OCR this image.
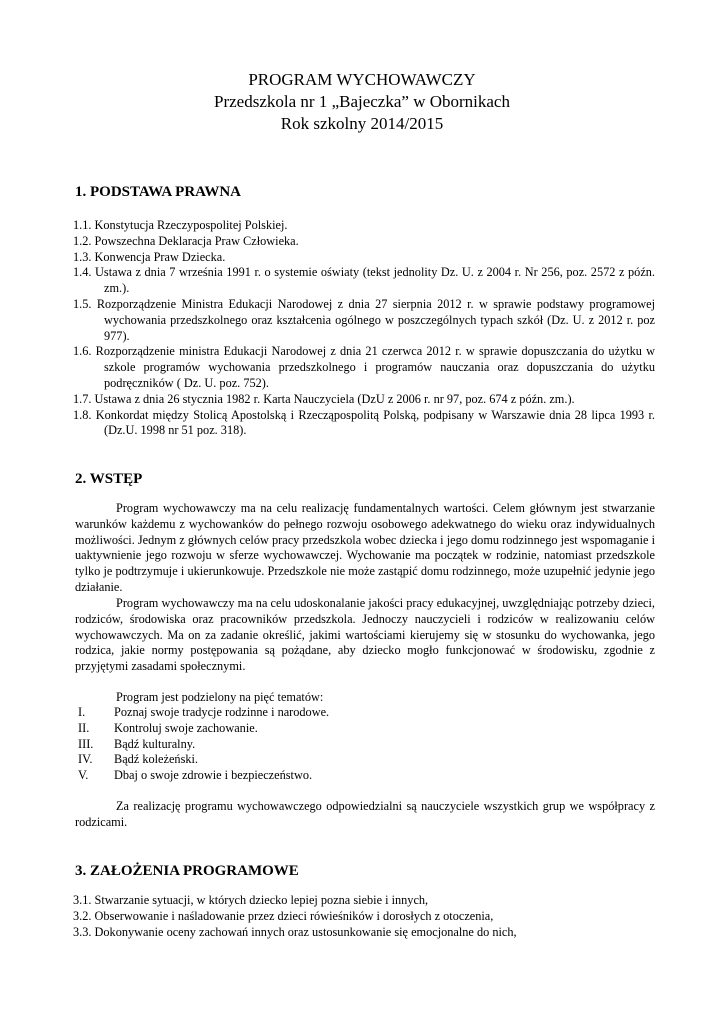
PROGRAM WYCHOWAWCZY
Przedszkola nr 1 „Bajeczka” w Obornikach
Rok szkolny 2014/2015
1. PODSTAWA PRAWNA
1.1. Konstytucja Rzeczypospolitej Polskiej.
1.2. Powszechna Deklaracja Praw Człowieka.
1.3. Konwencja Praw Dziecka.
1.4. Ustawa z dnia 7 września 1991 r. o systemie oświaty (tekst jednolity Dz. U. z 2004 r. Nr 256, poz. 2572 z późn. zm.).
1.5. Rozporządzenie Ministra Edukacji Narodowej z dnia 27 sierpnia 2012 r. w sprawie podstawy programowej wychowania przedszkolnego oraz kształcenia ogólnego w poszczególnych typach szkół (Dz. U. z 2012 r. poz 977).
1.6. Rozporządzenie ministra Edukacji Narodowej z dnia 21 czerwca 2012 r. w sprawie dopuszczania do użytku w szkole programów wychowania przedszkolnego i programów nauczania oraz dopuszczania do użytku podręczników ( Dz. U. poz. 752).
1.7. Ustawa z dnia 26 stycznia 1982 r. Karta Nauczyciela (DzU z 2006 r. nr 97, poz. 674 z późn. zm.).
1.8. Konkordat między Stolicą Apostolską i Rzecząpospolitą Polską, podpisany w Warszawie dnia 28 lipca 1993 r. (Dz.U. 1998 nr 51 poz. 318).
2. WSTĘP

Program wychowawczy ma na celu realizację fundamentalnych wartości. Celem głównym jest stwarzanie warunków każdemu z wychowanków do pełnego rozwoju osobowego adekwatnego do wieku oraz indywidualnych możliwości. Jednym z głównych celów pracy przedszkola wobec dziecka i jego domu rodzinnego jest wspomaganie i uaktywnienie jego rozwoju w sferze wychowawczej. Wychowanie ma początek w rodzinie, natomiast przedszkole tylko je podtrzymuje i ukierunkowuje. Przedszkole nie może zastąpić domu rodzinnego, może uzupełnić jedynie jego działanie.

Program wychowawczy ma na celu udoskonalanie jakości pracy edukacyjnej, uwzględniając potrzeby dzieci, rodziców, środowiska oraz pracowników przedszkola. Jednoczy nauczycieli i rodziców w realizowaniu celów wychowawczych. Ma on za zadanie określić, jakimi wartościami kierujemy się w stosunku do wychowanka, jego rodzica, jakie normy postępowania są pożądane, aby dziecko mogło funkcjonować w środowisku, zgodnie z przyjętymi zasadami społecznymi.

Program jest podzielony na pięć tematów:

I.	Poznaj swoje tradycje rodzinne i narodowe.
II.	Kontroluj swoje zachowanie.
III.	Bądź kulturalny.
IV.	Bądź koleżeński.
V.	Dbaj o swoje zdrowie i bezpieczeństwo.

Za realizację programu wychowawczego odpowiedzialni są nauczyciele wszystkich grup we współpracy z rodzicami.

3. ZAŁOŻENIA PROGRAMOWE
3.1. Stwarzanie sytuacji, w których dziecko lepiej pozna siebie i innych,
3.2. Obserwowanie i naśladowanie przez dzieci rówieśników i dorosłych z otoczenia,
3.3. Dokonywanie oceny zachowań innych oraz ustosunkowanie się emocjonalne do nich,
